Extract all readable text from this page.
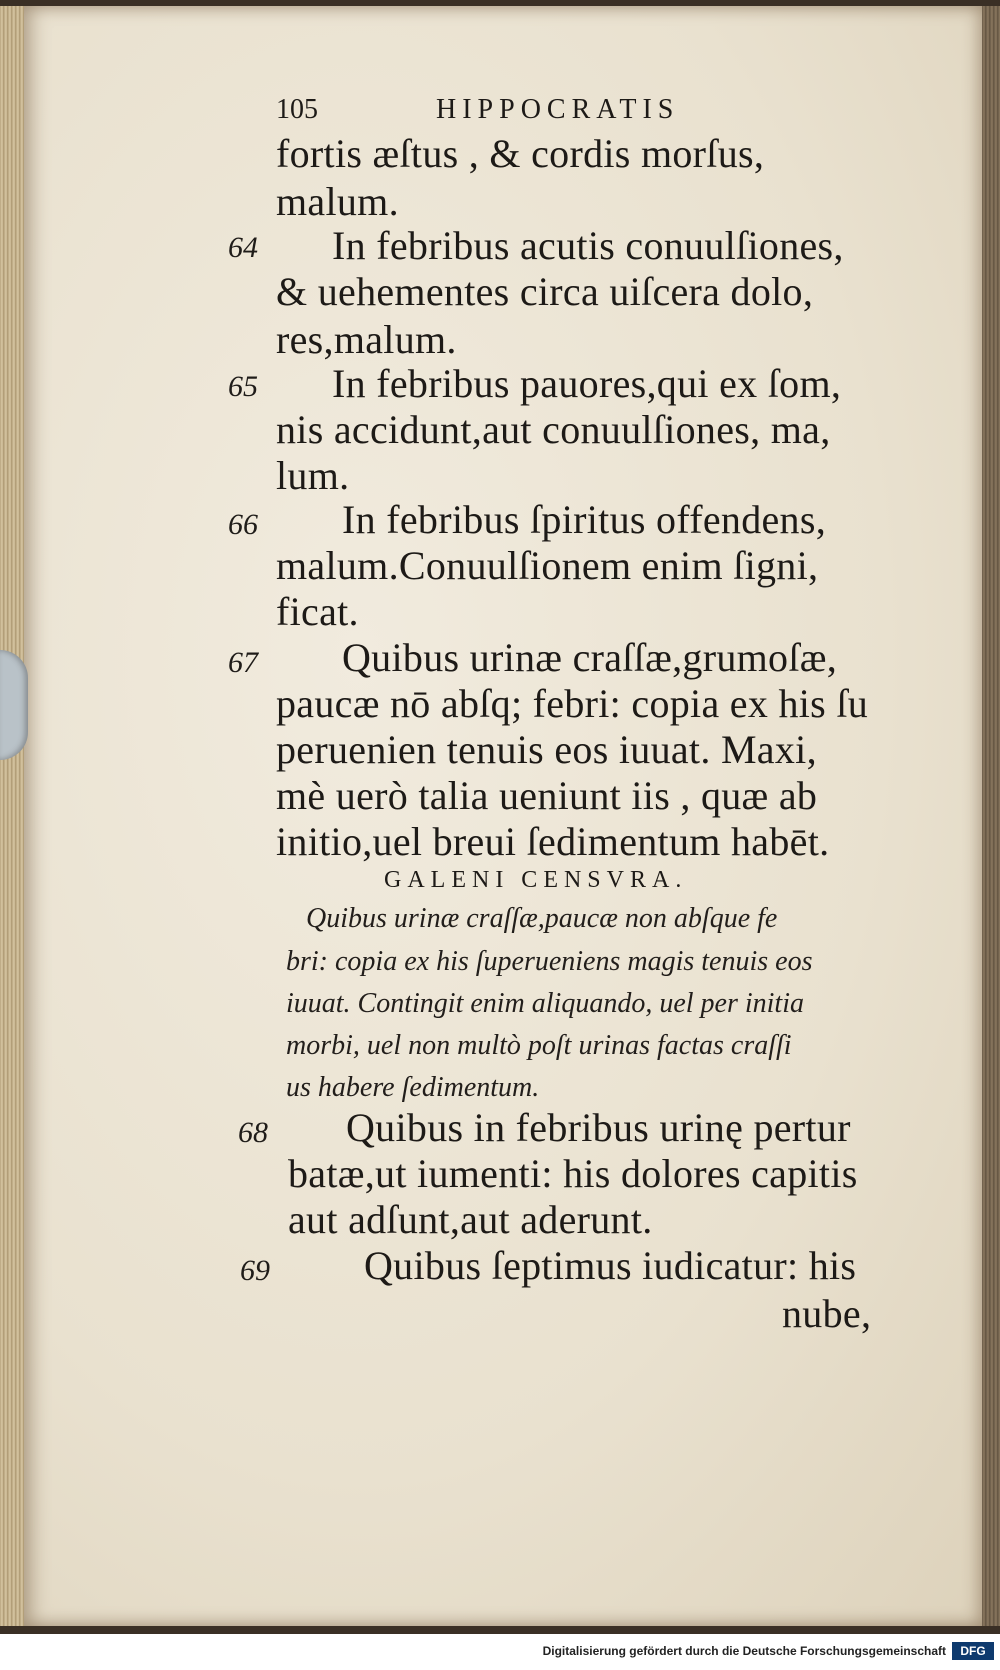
105	HIPPOCRATIS
fortis æſtus , & cordis morſus,
malum.
64 In febribus acutis conuulſiones,
& uehementes circa uiſcera dolo,
res,malum.
65 In febribus pauores,qui ex ſom,
nis accidunt,aut conuulſiones, ma,
lum.
66 In febribus ſpiritus offendens,
malum.Conuulſionem enim ſigni,
ficat.
67 Quibus urinæ craſſæ,grumoſæ,
paucæ nō abſq; febri: copia ex his ſu
peruenien tenuis eos iuuat. Maxi,
mè uerò talia ueniunt iis , quæ ab
initio,uel breui ſedimentum habēt.
GALENI CENSVRA.
Quibus urinæ craſſæ,paucæ non abſque fe
bri: copia ex his ſuperueniens magis tenuis eos
iuuat. Contingit enim aliquando, uel per initia
morbi, uel non multò poſt urinas factas craſſi
us habere ſedimentum.
68 Quibus in febribus urinę pertur
batæ,ut iumenti: his dolores capitis
aut adſunt,aut aderunt.
69 Quibus ſeptimus iudicatur: his
nube,
Digitalisierung gefördert durch die Deutsche Forschungsgemeinschaft	DFG
